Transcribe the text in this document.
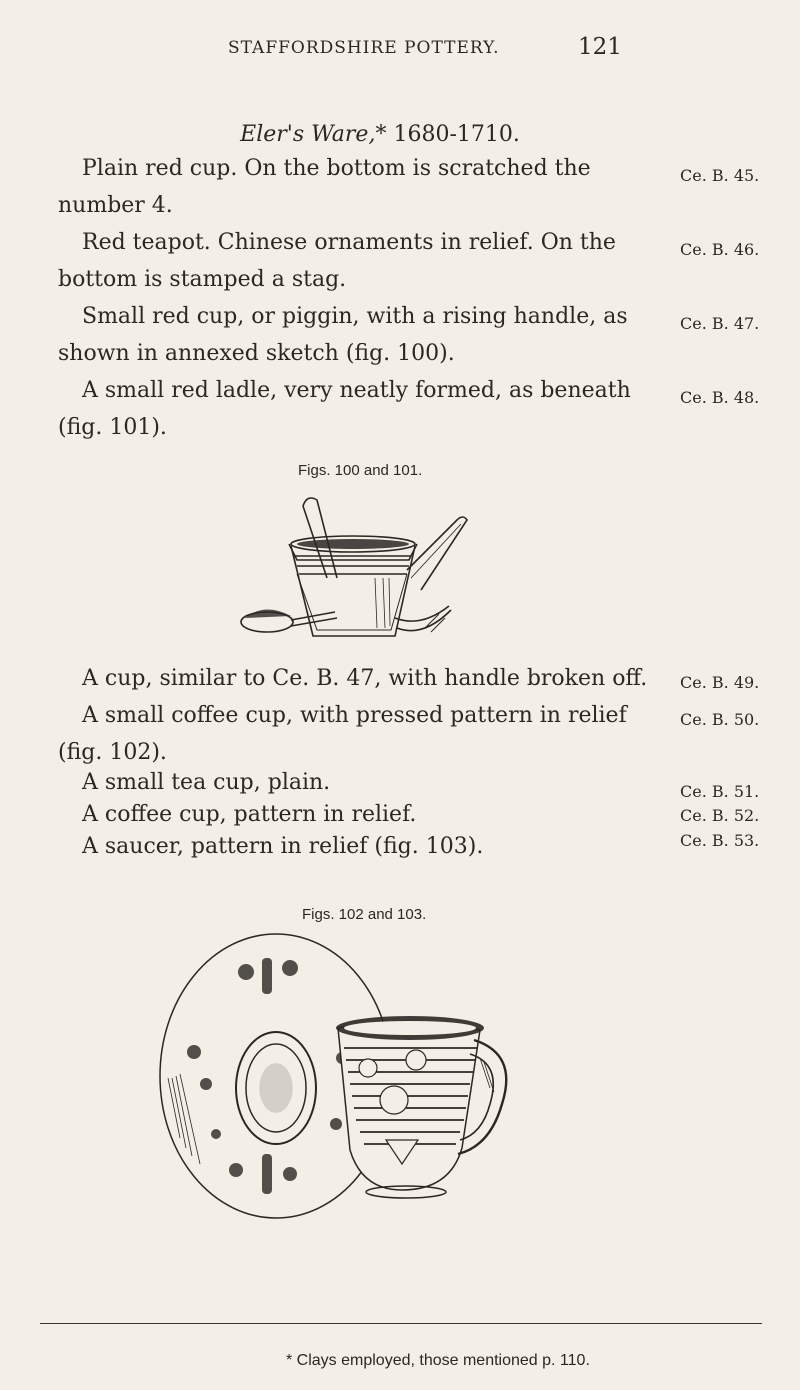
STAFFORDSHIRE POTTERY.	121
Eler's Ware,* 1680-1710.
Plain red cup. On the bottom is scratched the
number 4.
Ce. B. 45.
Red teapot. Chinese ornaments in relief. On the
bottom is stamped a stag.
Ce. B. 46.
Small red cup, or piggin, with a rising handle, as
shown in annexed sketch (fig. 100).
Ce. B. 47.
A small red ladle, very neatly formed, as beneath
(fig. 101).
Ce. B. 48.
Figs. 100 and 101.
A cup, similar to Ce. B. 47, with handle broken off. Ce. B. 49.
A small coffee cup, with pressed pattern in relief
(fig. 102).
Ce. B. 50.
A small tea cup, plain.	Ce. B. 51.
A coffee cup, pattern in relief.	Ce. B. 52.
A saucer, pattern in relief (fig. 103).	Ce. B. 53.
Figs. 102 and 103.
* Clays employed, those mentioned p. 110.
